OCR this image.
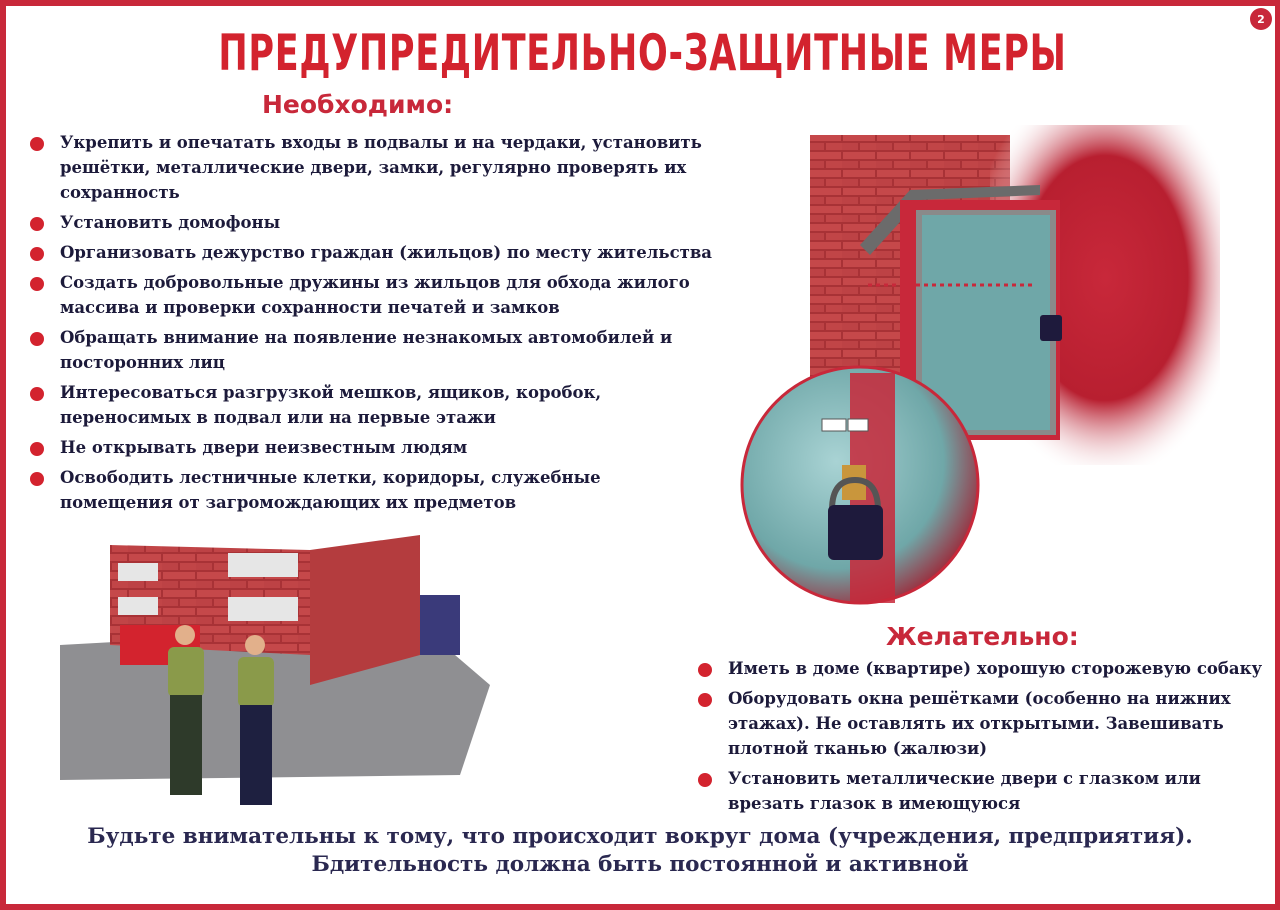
2
ПРЕДУПРЕДИТЕЛЬНО-ЗАЩИТНЫЕ МЕРЫ
Необходимо:
Укрепить и опечатать входы в подвалы и на чердаки, установить решётки, металлические двери, замки, регулярно проверять их сохранность
Установить домофоны
Организовать дежурство граждан (жильцов) по месту жительства
Создать добровольные дружины из жильцов для обхода жилого массива и проверки сохранности печатей и замков
Обращать внимание на появление незнакомых автомобилей и посторонних лиц
Интересоваться разгрузкой мешков, ящиков, коробок, переносимых в подвал или на первые этажи
Не открывать двери неизвестным людям
Освободить лестничные клетки, коридоры, служебные помещения от загромождающих их предметов
Желательно:
Иметь в доме (квартире) хорошую сторожевую собаку
Оборудовать окна решётками (особенно на нижних этажах). Не оставлять их открытыми. Завешивать плотной тканью (жалюзи)
Установить металлические двери с глазком или врезать глазок в имеющуюся
Будьте внимательны к тому, что происходит вокруг дома (учреждения, предприятия).
Бдительность должна быть постоянной и активной
